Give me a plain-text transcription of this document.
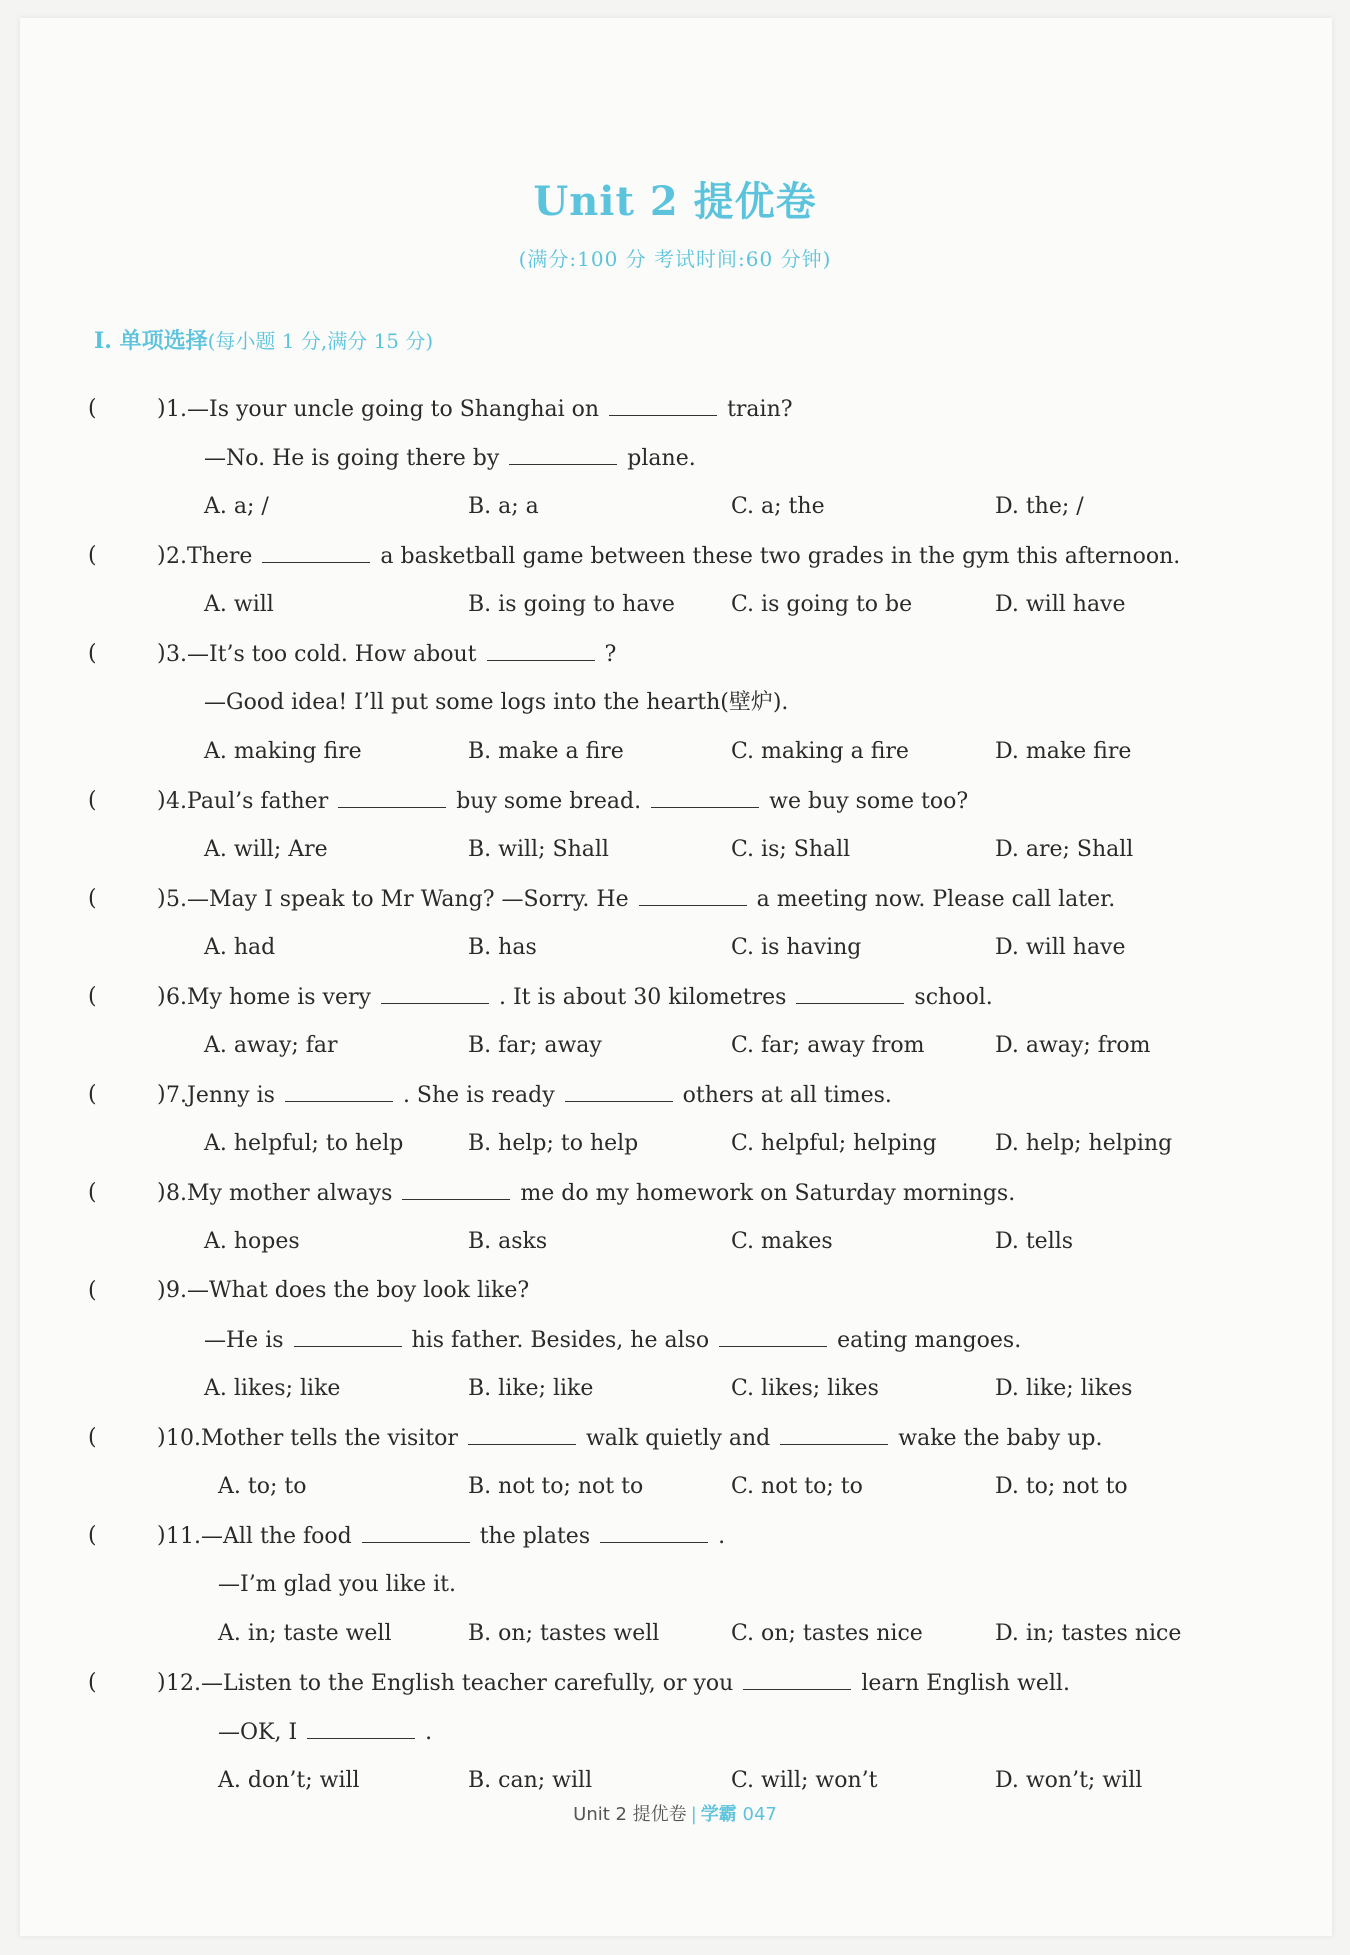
Unit 2 提优卷
(满分:100 分 考试时间:60 分钟)
Ⅰ. 单项选择(每小题 1 分,满分 15 分)
(	) 1.—Is your uncle going to Shanghai on	train?
—No. He is going there by	plane.
A. a; /	B. a; a	C. a; the	D. the; /
(	) 2.There	a basketball game between these two grades in the gym this afternoon.
A. will	B. is going to have	C. is going to be	D. will have
(	) 3.—It’s too cold. How about	?
—Good idea! I’ll put some logs into the hearth(壁炉).
A. making fire	B. make a fire	C. making a fire	D. make fire
(	) 4.Paul’s father	buy some bread.	we buy some too?
A. will; Are	B. will; Shall	C. is; Shall	D. are; Shall
(	) 5.—May I speak to Mr Wang? —Sorry. He	a meeting now. Please call later.
A. had	B. has	C. is having	D. will have
(	) 6.My home is very	. It is about 30 kilometres	school.
A. away; far	B. far; away	C. far; away from	D. away; from
(	) 7.Jenny is	. She is ready	others at all times.
A. helpful; to help	B. help; to help	C. helpful; helping	D. help; helping
(	) 8.My mother always	me do my homework on Saturday mornings.
A. hopes	B. asks	C. makes	D. tells
(	) 9.—What does the boy look like?
—He is	his father. Besides, he also	eating mangoes.
A. likes; like	B. like; like	C. likes; likes	D. like; likes
(	) 10.Mother tells the visitor	walk quietly and	wake the baby up.
A. to; to	B. not to; not to	C. not to; to	D. to; not to
(	) 11.—All the food	the plates	.
—I’m glad you like it.
A. in; taste well	B. on; tastes well	C. on; tastes nice	D. in; tastes nice
(	) 12.—Listen to the English teacher carefully, or you	learn English well.
—OK, I	.
A. don’t; will	B. can; will	C. will; won’t	D. won’t; will
Unit 2 提优卷 | 学霸 047
